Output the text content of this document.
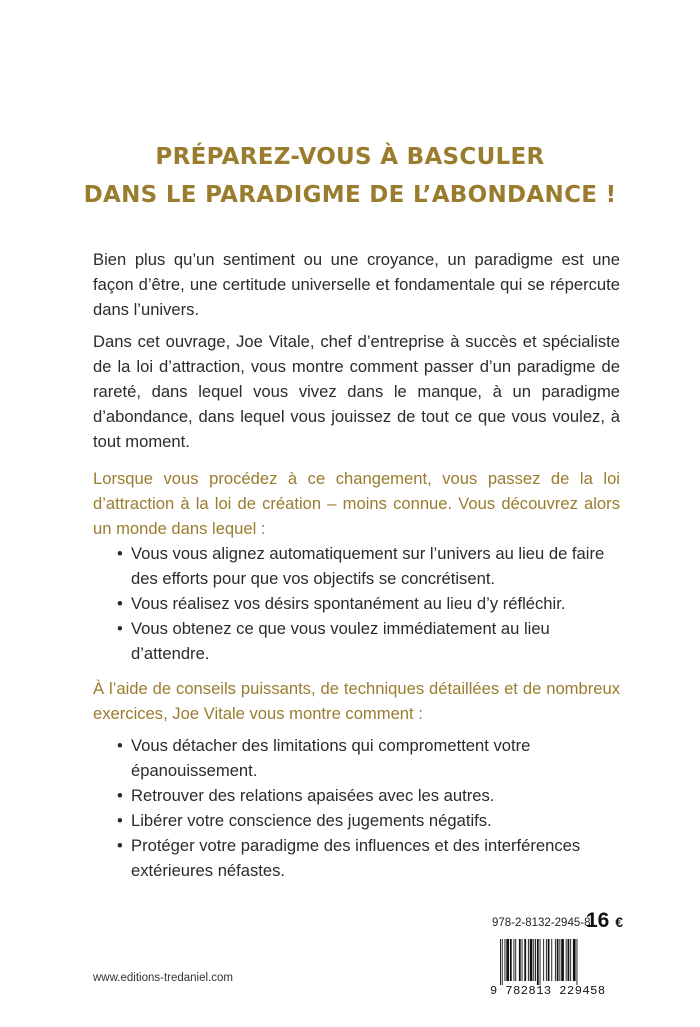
PRÉPAREZ-VOUS À BASCULER
DANS LE PARADIGME DE L’ABONDANCE !
Bien plus qu’un sentiment ou une croyance, un paradigme est une façon d’être, une certitude universelle et fondamentale qui se répercute dans l’univers.
Dans cet ouvrage, Joe Vitale, chef d’entreprise à succès et spécialiste de la loi d’attraction, vous montre comment passer d’un paradigme de rareté, dans lequel vous vivez dans le manque, à un paradigme d’abondance, dans lequel vous jouissez de tout ce que vous voulez, à tout moment.
Lorsque vous procédez à ce changement, vous passez de la loi d’attraction à la loi de création – moins connue. Vous découvrez alors un monde dans lequel :
• Vous vous alignez automatiquement sur l’univers au lieu de faire des efforts pour que vos objectifs se concrétisent.
• Vous réalisez vos désirs spontanément au lieu d’y réfléchir.
• Vous obtenez ce que vous voulez immédiatement au lieu d’attendre.
À l’aide de conseils puissants, de techniques détaillées et de nombreux exercices, Joe Vitale vous montre comment :
• Vous détacher des limitations qui compromettent votre épanouissement.
• Retrouver des relations apaisées avec les autres.
• Libérer votre conscience des jugements négatifs.
• Protéger votre paradigme des influences et des interférences extérieures néfastes.
978-2-8132-2945-8
16 €
9 782813 229458
www.editions-tredaniel.com
